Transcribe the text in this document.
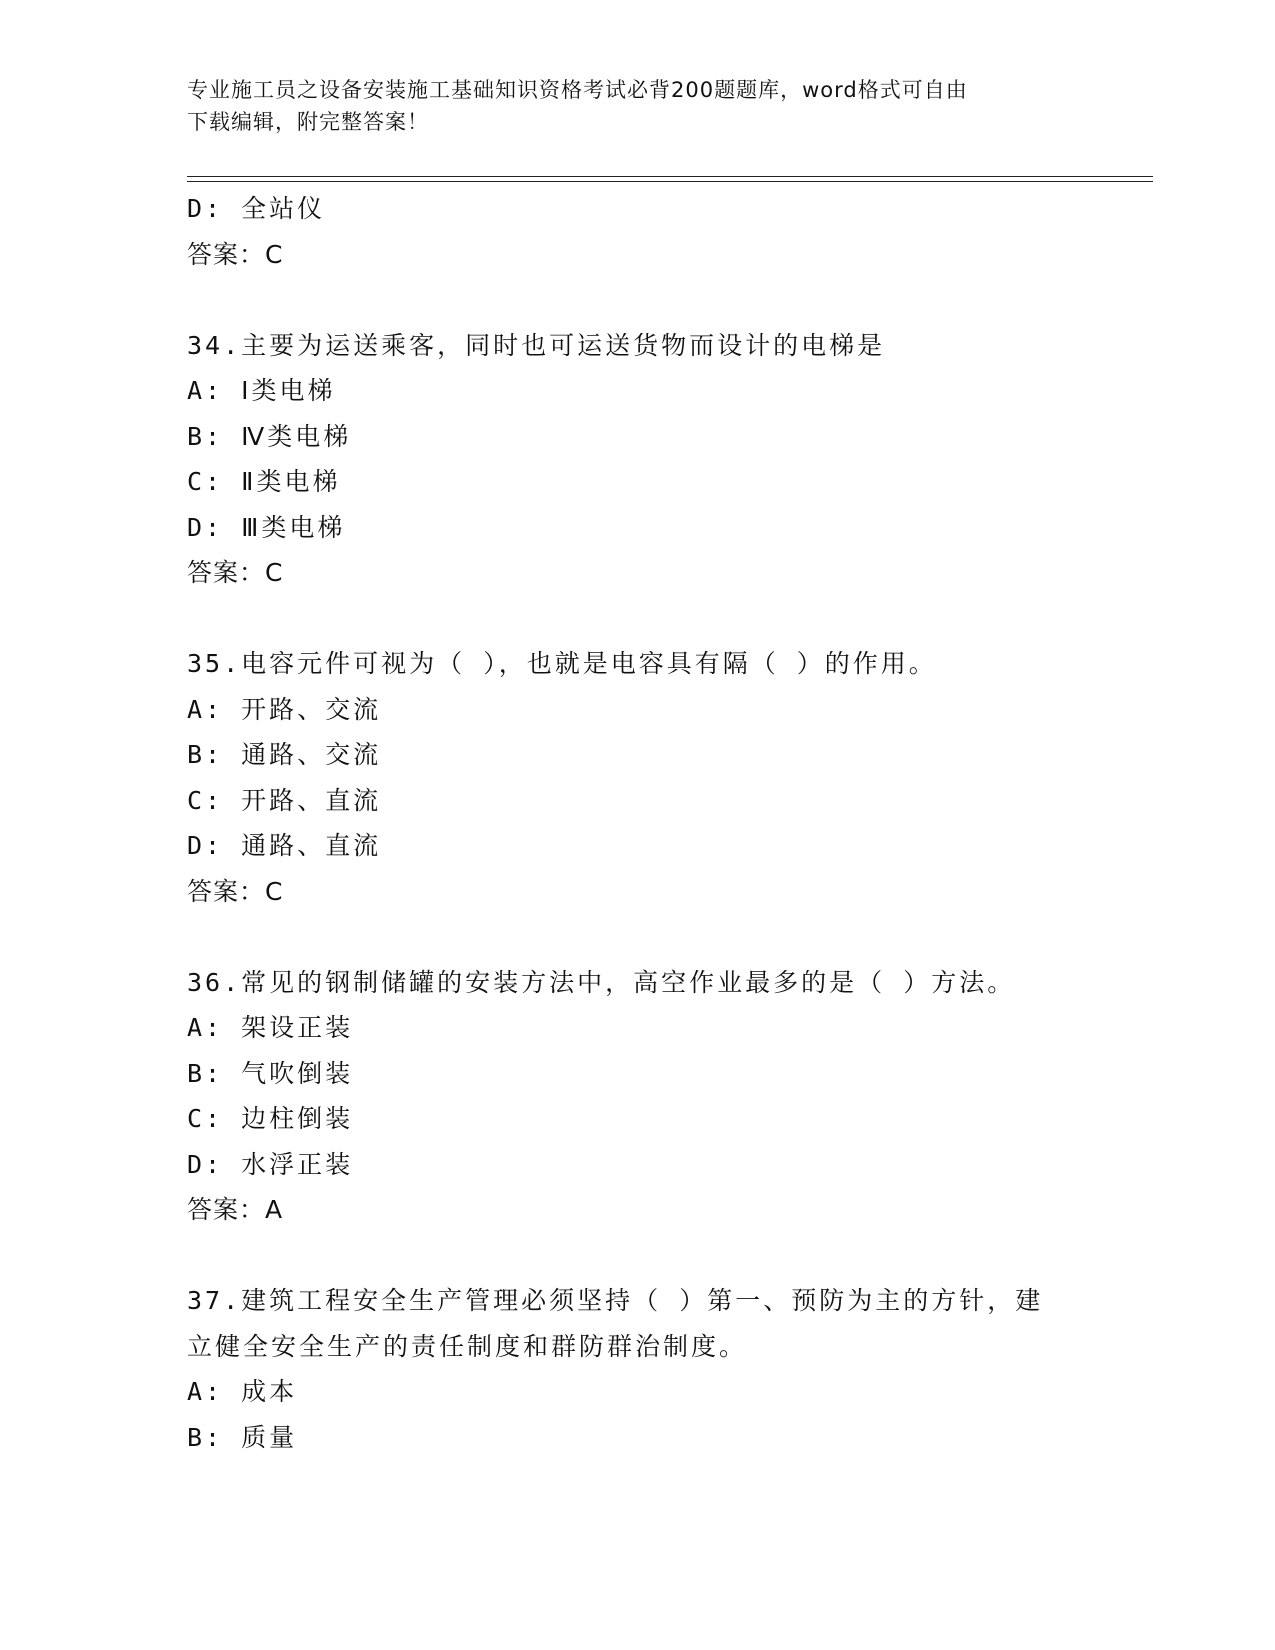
专业施工员之设备安装施工基础知识资格考试必背200题题库，word格式可自由
下载编辑，附完整答案！
D: 全站仪
答案：C
34.主要为运送乘客，同时也可运送货物而设计的电梯是
A: Ⅰ类电梯
B: Ⅳ类电梯
C: Ⅱ类电梯
D: Ⅲ类电梯
答案：C
35.电容元件可视为（ ），也就是电容具有隔（ ）的作用。
A: 开路、交流
B: 通路、交流
C: 开路、直流
D: 通路、直流
答案：C
36.常见的钢制储罐的安装方法中，高空作业最多的是（ ）方法。
A: 架设正装
B: 气吹倒装
C: 边柱倒装
D: 水浮正装
答案：A
37.建筑工程安全生产管理必须坚持（ ）第一、预防为主的方针，建
立健全安全生产的责任制度和群防群治制度。
A: 成本
B: 质量
